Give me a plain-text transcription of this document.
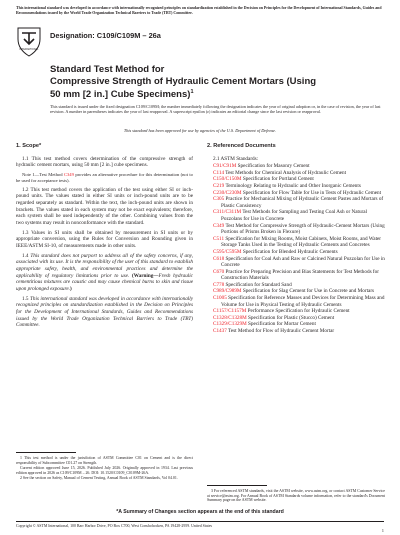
This international standard was developed in accordance with internationally recognized principles on standardization established in the Decision on Principles for the Development of International Standards, Guides and Recommendations issued by the World Trade Organization Technical Barriers to Trade (TBT) Committee.
INTERNATIONAL
Designation: C109/C109M – 26a
Standard Test Method for
Compressive Strength of Hydraulic Cement Mortars (Using
50 mm [2 in.] Cube Specimens)$^1$
This standard is issued under the fixed designation C109/C109M; the number immediately following the designation indicates the year of original adoption or, in the case of revision, the year of last revision. A number in parentheses indicates the year of last reapproval. A superscript epsilon (ε) indicates an editorial change since the last revision or reapproval.
This standard has been approved for use by agencies of the U.S. Department of Defense.
1. Scope*

1.1 This test method covers determination of the compressive strength of hydraulic cement mortars, using 50 mm [2 in.] cube specimens.

Note 1—Test Method C349 provides an alternative procedure for this determination (not to be used for acceptance tests).

1.2 This test method covers the application of the test using either SI or inch-pound units. The values stated in either SI units or inch-pound units are to be regarded separately as standard. Within the text, the inch-pound units are shown in brackets. The values stated in each system may not be exact equivalents; therefore, each system shall be used independently of the other. Combining values from the two systems may result in nonconformance with the standard.

1.3 Values in SI units shall be obtained by measurement in SI units or by appropriate conversion, using the Rules for Conversion and Rounding given in IEEE/ASTM SI-10, of measurements made in other units.

1.4 This standard does not purport to address all of the safety concerns, if any, associated with its use. It is the responsibility of the user of this standard to establish appropriate safety, health, and environmental practices and determine the applicability of regulatory limitations prior to use. (Warning—Fresh hydraulic cementitious mixtures are caustic and may cause chemical burns to skin and tissue upon prolonged exposure.)

1.5 This international standard was developed in accordance with internationally recognized principles on standardization established in the Decision on Principles for the Development of International Standards, Guides and Recommendations issued by the World Trade Organization Technical Barriers to Trade (TBT) Committee.

2. Referenced Documents

2.1 ASTM Standards:

C91/C91M Specification for Masonry Cement

C114 Test Methods for Chemical Analysis of Hydraulic Cement

C150/C150M Specification for Portland Cement

C219 Terminology Relating to Hydraulic and Other Inorganic Cements

C230/C230M Specification for Flow Table for Use in Tests of Hydraulic Cement

C305 Practice for Mechanical Mixing of Hydraulic Cement Pastes and Mortars of Plastic Consistency

C311/C311M Test Methods for Sampling and Testing Coal Ash or Natural Pozzolans for Use in Concrete

C349 Test Method for Compressive Strength of Hydraulic-Cement Mortars (Using Portions of Prisms Broken in Flexure)

C511 Specification for Mixing Rooms, Moist Cabinets, Moist Rooms, and Water Storage Tanks Used in the Testing of Hydraulic Cements and Concretes

C595/C595M Specification for Blended Hydraulic Cements

C618 Specification for Coal Ash and Raw or Calcined Natural Pozzolan for Use in Concrete

C670 Practice for Preparing Precision and Bias Statements for Test Methods for Construction Materials

C778 Specification for Standard Sand

C989/C989M Specification for Slag Cement for Use in Concrete and Mortars

C1005 Specification for Reference Masses and Devices for Determining Mass and Volume for Use in Physical Testing of Hydraulic Cements

C1157/C1157M Performance Specification for Hydraulic Cement

C1328/C1328M Specification for Plastic (Stucco) Cement

C1329/C1329M Specification for Mortar Cement

C1437 Test Method for Flow of Hydraulic Cement Mortar

1 This test method is under the jurisdiction of ASTM Committee C01 on Cement and is the direct responsibility of Subcommittee C01.27 on Strength.

Current edition approved June 15, 2026. Published July 2026. Originally approved in 1934. Last previous edition approved in 2026 as C109/C109M – 26. DOI: 10.1520/C0109_C0109M-26A.

2 See the section on Safety, Manual of Cement Testing, Annual Book of ASTM Standards, Vol 04.01.

3 For referenced ASTM standards, visit the ASTM website, www.astm.org, or contact ASTM Customer Service at service@astm.org. For Annual Book of ASTM Standards volume information, refer to the standard's Document Summary page on the ASTM website.
*A Summary of Changes section appears at the end of this standard
Copyright © ASTM International, 100 Barr Harbor Drive, PO Box C700, West Conshohocken, PA 19428-2959. United States
1
